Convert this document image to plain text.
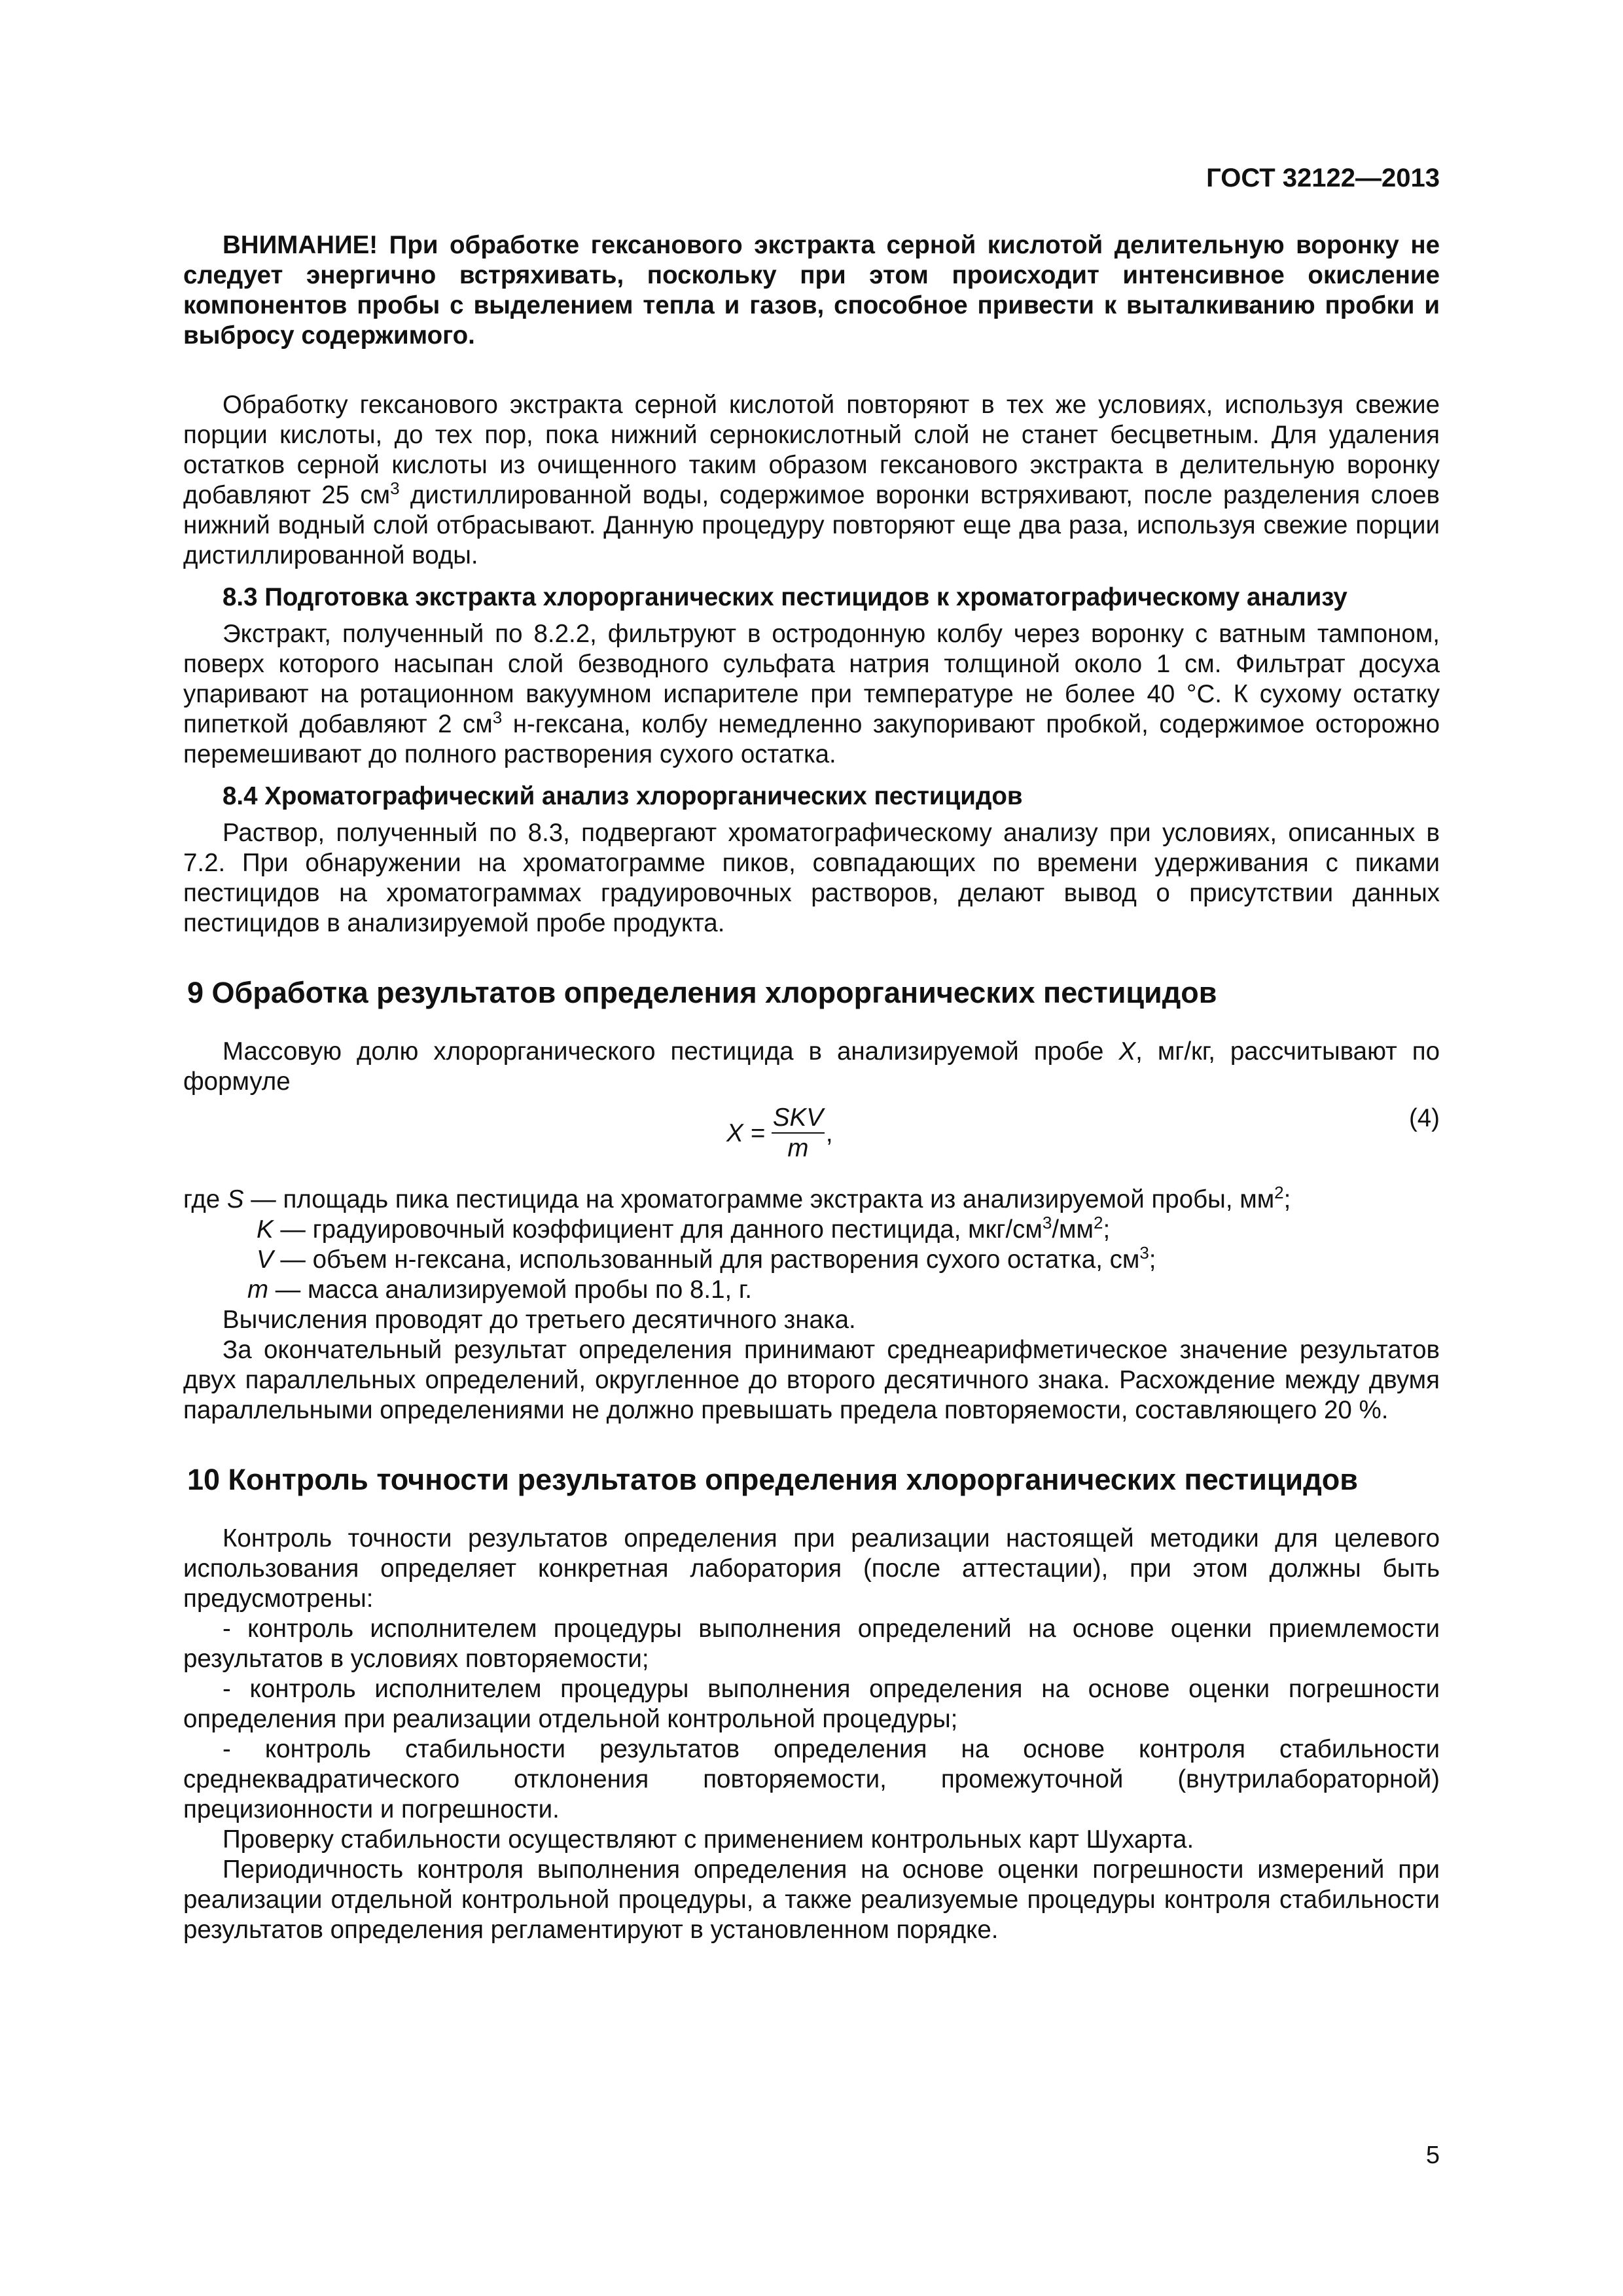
ГОСТ 32122—2013

ВНИМАНИЕ! При обработке гексанового экстракта серной кислотой делительную воронку не следует энергично встряхивать, поскольку при этом происходит интенсивное окисление компонентов пробы с выделением тепла и газов, способное привести к выталкиванию пробки и выбросу содержимого.

Обработку гексанового экстракта серной кислотой повторяют в тех же условиях, используя свежие порции кислоты, до тех пор, пока нижний сернокислотный слой не станет бесцветным. Для удаления остатков серной кислоты из очищенного таким образом гексанового экстракта в делительную воронку добавляют 25 $см^3$ дистиллированной воды, содержимое воронки встряхивают, после разделения слоев нижний водный слой отбрасывают. Данную процедуру повторяют еще два раза, используя свежие порции дистиллированной воды.

8.3 Подготовка экстракта хлорорганических пестицидов к хроматографическому анализу

Экстракт, полученный по 8.2.2, фильтруют в остродонную колбу через воронку с ватным тампоном, поверх которого насыпан слой безводного сульфата натрия толщиной около 1 см. Фильтрат досуха упаривают на ротационном вакуумном испарителе при температуре не более 40 °С. К сухому остатку пипеткой добавляют 2 $см^3$ н-гексана, колбу немедленно закупоривают пробкой, содержимое осторожно перемешивают до полного растворения сухого остатка.

8.4 Хроматографический анализ хлорорганических пестицидов

Раствор, полученный по 8.3, подвергают хроматографическому анализу при условиях, описанных в 7.2. При обнаружении на хроматограмме пиков, совпадающих по времени удерживания с пиками пестицидов на хроматограммах градуировочных растворов, делают вывод о присутствии данных пестицидов в анализируемой пробе продукта.

9 Обработка результатов определения хлорорганических пестицидов

Массовую долю хлорорганического пестицида в анализируемой пробе X, мг/кг, рассчитывают по формуле

$X = \frac{\text{SKV}}{m}$ ,
(4)

где S — площадь пика пестицида на хроматограмме экстракта из анализируемой пробы, $мм^2$;

K — градуировочный коэффициент для данного пестицида, мкг/$см^3/мм^2$;

V — объем н-гексана, использованный для растворения сухого остатка, $см^3$;

m — масса анализируемой пробы по 8.1, г.

Вычисления проводят до третьего десятичного знака.

За окончательный результат определения принимают среднеарифметическое значение результатов двух параллельных определений, округленное до второго десятичного знака. Расхождение между двумя параллельными определениями не должно превышать предела повторяемости, составляющего 20 %.

10 Контроль точности результатов определения хлорорганических пестицидов

Контроль точности результатов определения при реализации настоящей методики для целевого использования определяет конкретная лаборатория (после аттестации), при этом должны быть предусмотрены:

- контроль исполнителем процедуры выполнения определений на основе оценки приемлемости результатов в условиях повторяемости;

- контроль исполнителем процедуры выполнения определения на основе оценки погрешности определения при реализации отдельной контрольной процедуры;

- контроль стабильности результатов определения на основе контроля стабильности среднеквадратического отклонения повторяемости, промежуточной (внутрилабораторной) прецизионности и погрешности.

Проверку стабильности осуществляют с применением контрольных карт Шухарта.

Периодичность контроля выполнения определения на основе оценки погрешности измерений при реализации отдельной контрольной процедуры, а также реализуемые процедуры контроля стабильности результатов определения регламентируют в установленном порядке.

5
